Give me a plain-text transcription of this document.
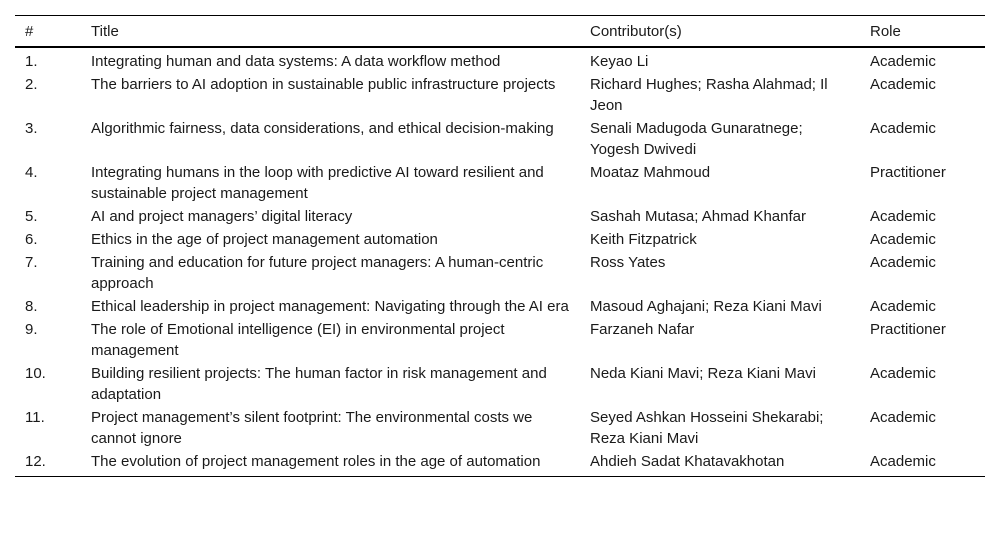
#	Title	Contributor(s)	Role
1.	Integrating human and data systems: A data workflow method	Keyao Li	Academic
2.	The barriers to AI adoption in sustainable public infrastructure projects	Richard Hughes; Rasha Alahmad; Il Jeon	Academic
3.	Algorithmic fairness, data considerations, and ethical decision-making	Senali Madugoda Gunaratnege; Yogesh Dwivedi	Academic
4.	Integrating humans in the loop with predictive AI toward resilient and sustainable project management	Moataz Mahmoud	Practitioner
5.	AI and project managers’ digital literacy	Sashah Mutasa; Ahmad Khanfar	Academic
6.	Ethics in the age of project management automation	Keith Fitzpatrick	Academic
7.	Training and education for future project managers: A human-centric approach	Ross Yates	Academic
8.	Ethical leadership in project management: Navigating through the AI era	Masoud Aghajani; Reza Kiani Mavi	Academic
9.	The role of Emotional intelligence (EI) in environmental project management	Farzaneh Nafar	Practitioner
10.	Building resilient projects: The human factor in risk management and adaptation	Neda Kiani Mavi; Reza Kiani Mavi	Academic
11.	Project management’s silent footprint: The environmental costs we cannot ignore	Seyed Ashkan Hosseini Shekarabi; Reza Kiani Mavi	Academic
12.	The evolution of project management roles in the age of automation	Ahdieh Sadat Khatavakhotan	Academic
